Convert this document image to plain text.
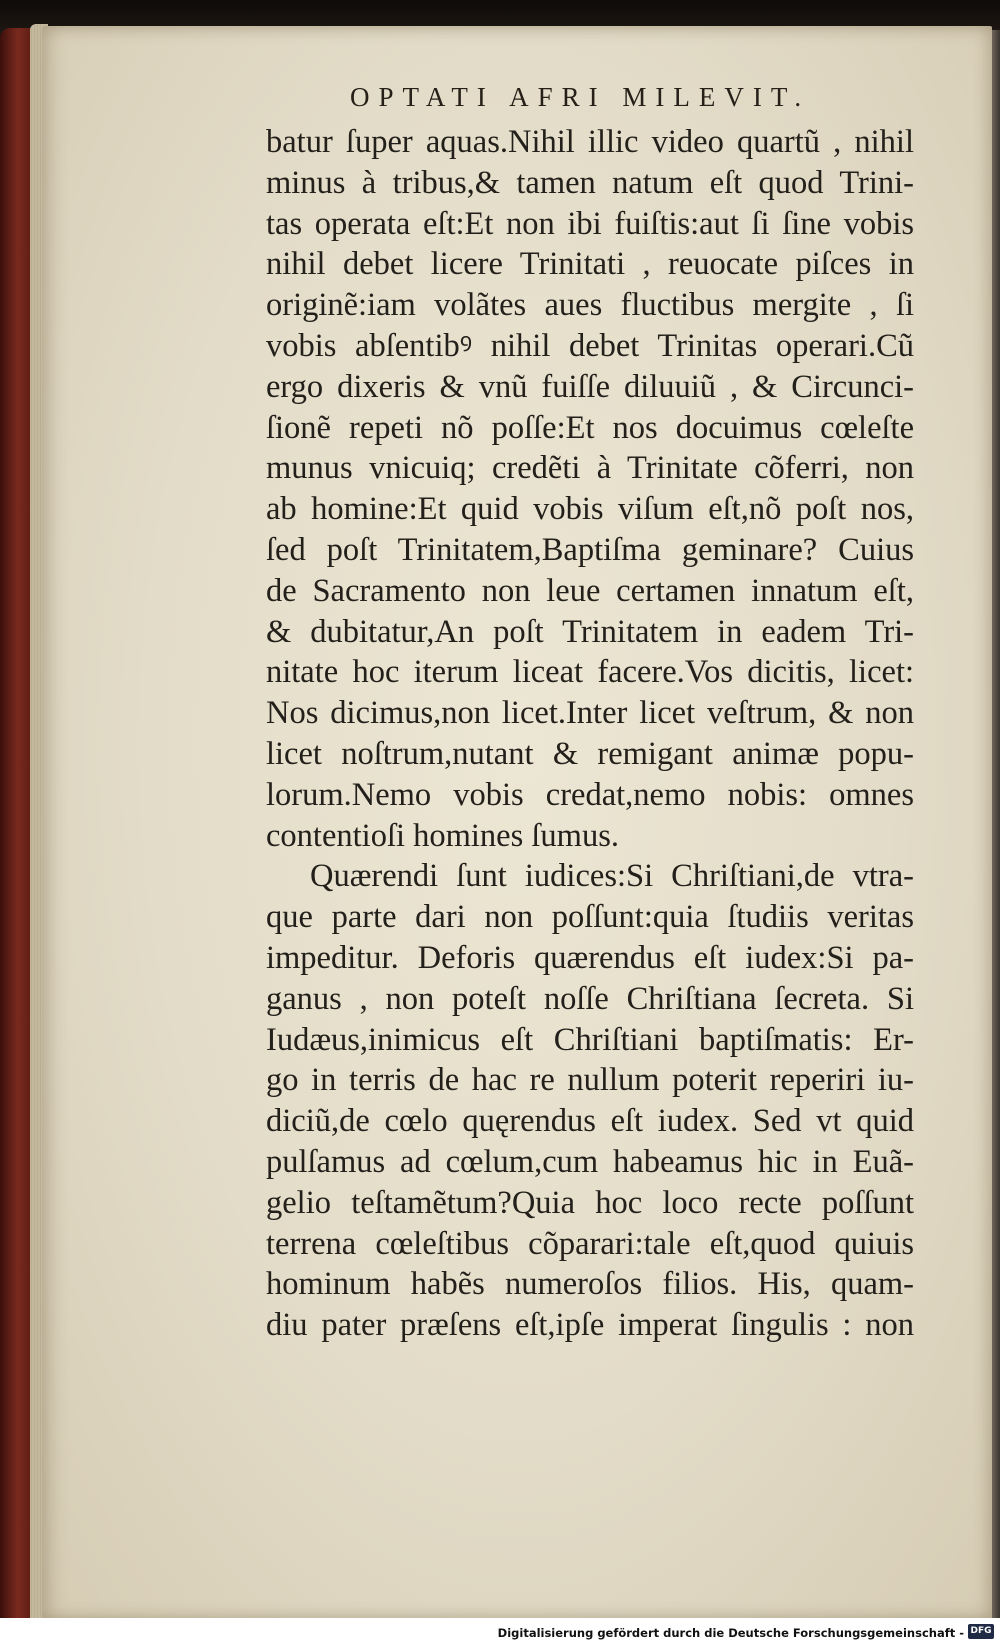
OPTATI AFRI MILEVIT.
batur ſuper aquas.Nihil illic video quartũ , nihil
minus à tribus,& tamen natum eſt quod Trini-
tas operata eſt:Et non ibi fuiſtis:aut ſi ſine vobis
nihil debet licere Trinitati , reuocate piſces in
originẽ:iam volãtes aues fluctibus mergite , ſi
vobis abſentibꝰ nihil debet Trinitas operari.Cũ
ergo dixeris & vnũ fuiſſe diluuiũ , & Circunci-
ſionẽ repeti nõ poſſe:Et nos docuimus cœleſte
munus vnicuiq; credẽti à Trinitate cõferri, non
ab homine:Et quid vobis viſum eſt,nõ poſt nos,
ſed poſt Trinitatem,Baptiſma geminare? Cuius
de Sacramento non leue certamen innatum eſt,
& dubitatur,An poſt Trinitatem in eadem Tri-
nitate hoc iterum liceat facere.Vos dicitis, licet:
Nos dicimus,non licet.Inter licet veſtrum, & non
licet noſtrum,nutant & remigant animæ popu-
lorum.Nemo vobis credat,nemo nobis: omnes
contentioſi homines ſumus.
Quærendi ſunt iudices:Si Chriſtiani,de vtra-
que parte dari non poſſunt:quia ſtudiis veritas
impeditur. Deforis quærendus eſt iudex:Si pa-
ganus , non poteſt noſſe Chriſtiana ſecreta. Si
Iudæus,inimicus eſt Chriſtiani baptiſmatis: Er-
go in terris de hac re nullum poterit reperiri iu-
diciũ,de cœlo quęrendus eſt iudex. Sed vt quid
pulſamus ad cœlum,cum habeamus hic in Euã-
gelio teſtamẽtum?Quia hoc loco recte poſſunt
terrena cœleſtibus cõparari:tale eſt,quod quiuis
hominum habẽs numeroſos filios. His, quam-
diu pater præſens eſt,ipſe imperat ſingulis : non
Digitalisierung gefördert durch die Deutsche Forschungsgemeinschaft - DFG
